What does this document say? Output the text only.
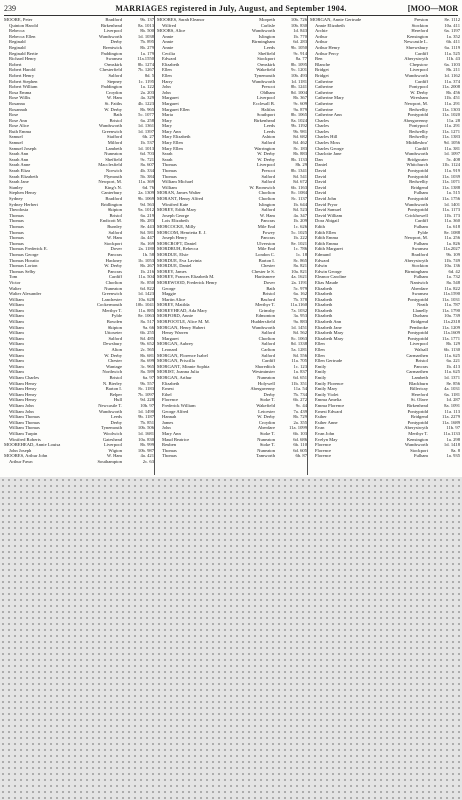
239	MARRIAGES registered in July, August, and September 1904.	[MOO—MOR
MOORE, Peter	Bradford	9b. 137
Quinton Harold	Birkenhead	8a. 1013
Rebecca	Liverpool	8b. 500
Rebecca Ellen	Wandsworth	1d. 1038
Reginald	Derby	7b. 895
Reginald	Brentwick	8b. 279
Reginald Bertie	Paddington	1a. 179
Richard Henry	Swansea	11a.1550
Robert	Ormskirk	8b. 1274
Robert Harold	Chesterfield	7b. 1267
Robert Henry	Salford	8d. 5
Robert Stephen	Stepney	1c. 1195
Robert William	Paddington	1a. 122
Rosa Emma	Croydon	2a. 203
Rose Willis	W. Ham	4a. 329
Rosanna	St. Faiths	4b. 1223
Rosannah	W. Derby	8b. 965
Rose	Bath	5c. 1077
Rose Ann	Bristol	6a. 258
Rose Alice	Wandsworth	1d. 1361
Ruth Emma	Greenwich	1d. 1397
Samuel	Stafford	6b. 27
Samuel	Milford	1b. 537
Samuel Joseph	Lambeth	1d. 1013
Sarah Ann	Nuneaton	6d. 703
Sarah Ann	Sheffield	9c. 721
Sarah Anne	Macclesfield	8a. 607
Sarah Eliza	Norwich	4b. 334
Sarah Elizabeth	Plymouth	5b. 384
Sarah Jane	Newport, M.	11a. 369
Stanley	King's N.	6d. 76
Stephen Henry	Canterbury	2a. 1309
Sydney	Bradford	9b. 1069
Sydney Herbert	Bridlington	9d. 563
Theodosia	Skipton	9a. 1012
Thomas	Bristol	6a. 219
Thomas	Endicott M.	8b. 283
Thomas	Burnley	8e. 443
Thomas	Salford	8d. 581
Thomas	W. Ham	4a. 447
Thomas	Stockport	8a. 169
Thomas Frederick E.	Dover	2a. 1180
Thomas George	Pancras	1b. 58
Thomas Horatio	Hackney	1b. 1053
Thomas Lorton	W. Derby	8b. 267
Thomas Selby	Pancras	1b. 216
Tom	Cardiff	11a. 504
Victor	Chorlton	8c. 850
Walter	Nuneaton	6d. 822
Walter Alexander	Greenwich	1d. 1423
William	Lanchester	10a. 628
William	Cockermouth	10b. 1041
William	Merthyr T.	11a. 885
William	Fylde	8e. 1063
William	Bowden	8a. 517
William	Skipton	9a. 66
William	Uttoxeter	6b. 255
William	Salford	8d. 485
William	Dewsbury	9b. 652
William	Alton	2c. 565
William	W. Derby	8b. 681
William	Chester	8a. 699
William	Wantage	3c. 965
William	Northwich	8a. 589
William Charles	Bristol	6a. 97
William Henry	N. Bierley	9b. 557
William Henry	Barton I.	8c. 1183
William Henry	Belper	7b. 1097
William Henry	Hull	9d. 228
William John	Newcastle T.	10b. 97
William John	Wandsworth	1d. 1490
William Thomas	Leeds	9b. 1187
William Thomas	Derby	7b. 851
William Thomas	Tynemouth	10b. 506
William Turpin	Woolwich	1d. 1681
Winifred Roberts	Gateshead	10a. 830
MOOREHEAD, Annie Louisa	Liverpool	8b. 999
John Joseph	Wigton	10b. 987
MOORES, Arthur John	W. Ham	4a. 421
Arthur Fawn	Southampton	2c. 63
MOORES, Sarah Eleanor	Morpeth	10b. 726
Wilfred	Carlisle	10b. 830
MOORS, Alice	Wandsworth	1d. 843
Annie	Islington	1b. 770
Annie	Birmingham	6d. 283
Annie	Leeds	9b. 1050
Cecilia	Sheffield	9c. 914
Edward	Stockport	8a. 77
Elizabeth	Ormskirk	8b. 1095
Ellen	Wakefield	9c. 1201
Ellen	Tynemouth	10b. 493
Harry	Wandsworth	1d. 1181
John	Prescot	8b. 1241
John	Oldham	8d. 1004
Margaret	Liverpool	8b. 367
Margaret	Ecclesall B.	9c. 609
Margaret Ellen	Halifax	9a. 879
Maria	Southport	8b. 1065
Mary	Birkenhead	8a. 1024
Mary	Leeds	9b. 1192
Mary Ann	Leeds	9b. 981
Mary Elizabeth	Ashton	8d. 682
Mary Ellen	Salford	8d. 462
Mary Ellen	Warrington	8c. 183
Sarah	W. Derby	8b. 883
Sarah	W. Derby	8b. 1133
Thomas	Liverpool	8b. 29
Thomas	Prescot	8b. 1341
Thomas	Salford	8d. 541
William Michael	Salford	8d. 672
William	W. Bromwich	6b. 1163
MORAN, James Walter	Chorlton	8c. 1084
MORANT, Henry Alfred	Chorlton	8c. 1137
Winifred Kate	Islington	1b. 644
MOREY, Edith Mary	Salford	8d. 523
Joseph George	W. Ham	4a. 347
Lois Elizabeth	Pancras	1b. 209
MORCOCKE, Milly	Mile End	1c. 626
MORCOM, Henrietta E. J.	Fowey	5c. 1025
Joseph Henry	Pancras	1b. 222
MORCROFT, Daniel	Ulverston	8e. 1021
MORDRUH, Rebecca	Mile End	1c. 786
MORDUE, Elsie	London C.	1c. 18
MORDUE, Eva Lavinia	Barton I.	8c. 865
MORDUE, Daniel	Chester	8a. 821
MOREY, James	Chester le S.	10a. 821
MOREY, Frances Elizabeth M.	Hartismere	4a. 1621
MOREWOOD, Frederick Henry	Dover	2a. 1191
George	Bath	5c. 979
Maggie	Bristol	6a. 162
Martin Alice	Basford	7b. 378
MOREY, Matilda	Merthyr T.	11a.1160
MOREYHEAD, Ada Mary	Grimsby	7a. 1032
MORFORD, Annie	Edmonton	3a. 953
MORFOOTLE, Alice M. M.	Huddersfield	9a. 883
MORGAN, Henry Hubert	Wandsworth	1d. 1451
Henry Warren	Salford	8d. 562
Margaret	Chorlton	8c. 1063
MORGAN, Aubrey	Salford	8d. 1338
Leonard	Carlton	5a. 1281
MORGAN, Florence Isabel	Salford	8d. 556
MORGAN, Priscilla	Cardiff	11a. 705
MORGANT, Minnie Sophia	Shoreditch	1c. 123
MORIST, Joanna Julia	Westminster	1a. 837
MORGAN, Arthur	Nuneaton	6d. 651
Elizabeth	Holywell	11b. 351
Ernest	Abergavenny	11a. 54
Ethel	Derby	7b. 734
Florence	Stoke T.	6b. 272
Frederick William	Wakefield	9c. 44
George Alfred	Leicester	7a. 439
Hannah	W. Derby	8b. 729
James	Croydon	2a. 355
John	Aberdare	11a. 1099
Mary Ann	Stoke T.	6b. 103
Maud Beatrice	Nuneaton	6d. 686
Reuben	Stoke T.	6b. 110
Thomas	Nuneaton	6d. 605
Thomas	Tamworth	6b. 87
MORGAN, Annie Gertrude	Preston	8e. 1112
Annie Elizabeth	Stockton	10a. 411
Archie	Hereford	6a. 1197
Arthur	Kensington	1a. 352
Arthur	Newcastle L.	6b. 411
Arthur Henry	Shrewsbury	6a. 1119
Arthur Percy	Cardiff	11a. 525
Ben	Aberystwyth	11b. 43
Blanche	Chepstow	6a. 1103
Bridget	Liverpool	8b. 211
Bridget	Wandsworth	1d. 1162
Catherine	Cardiff	11a. 374
Catherine	Pontypool	11a. 2008
Catherine	W. Derby	8b. 456
Catherine Mary	Wrexham	11b. 451
Catherine	Newport, M.	11a. 291
Catherine	Bedwellty	11a. 1303
Catherine Ann	Pontypridd	11a. 1020
Charles	Abergavenny	11a. 28
Charles	Pontypool	11a. 291
Charles	Bedwellty	11a. 1271
Charles Hill	Bedwellty	11a. 1383
Charles Moss	Middlesbro'	9d. 1056
Charles George	Cardiff	11a. 381
Charlotte Jane	Wandsworth	1d. 1097
Dan	Bridgwater	5c. 408
Daniel	Whitchurch	11b. 1124
David	Pontypridd	11a. 919
David	Pontypridd	11a. 1039
David	Bedwellty	11a. 1071
David	Bridgend	11a. 1388
David	Fulham	1a. 515
David John	Pontypridd	11a. 1756
David Pryor	Wandsworth	1d. 1401
David Samuel	Pontypridd	11a. 1173
David William	Crickhowell	11b. 173
Dora Abigail	Cardiff	11a. 360
Edith	Fulham	1a. 618
Edith Ellen	Fylde	8e. 1088
Edith Emma	Newport, M.	11a. 256
Edith Emma	Fulham	1a. 826
Edith Margaret	Swansea	11a.2027
Edmund	Bradford	9b. 109
Edward	Aberystwyth	11b. 749
Edwin	Stockton	10a. 136
Edwin George	Birmingham	6d. 42
Eleanor Caroline	Fulham	1a. 732
Elias Maude	Nantwich	8a. 548
Elizabeth	Aberdare	11a. 822
Elizabeth	Swansea	11a.1590
Elizabeth	Pontypridd	11a. 1031
Elizabeth	Neath	11a. 787
Elizabeth	Llanelly	11a. 1790
Elizabeth	Durham	10a. 739
Elizabeth Ann	Bridgend	11a.2318
Elizabeth Jane	Pembroke	11a. 1209
Elizabeth Mary	Pontypridd	11a.1609
Elizabeth Mary	Pontypridd	11a. 1771
Ellen	Liverpool	8b. 129
Ellen	Walsall	6b. 1130
Ellen	Carmarthen	11a. 625
Ellen Gertrude	Bristol	6a. 221
Emily	Pancras	1b. 413
Emily	Carmarthen	11a. 625
Emily	Lambeth	1d. 1371
Emily Florence	Blackburn	8e. 856
Emily Mary	Billericay	4a. 1031
Emily Violet	Hereford	6a. 1181
Emma Amelia	St. Olave	1d. 287
Emma Florence	Birkenhead	8a. 1091
Ernest Edward	Pontypridd	11a. 113
Esther	Bridgend	11a. 2279
Esther Anne	Pontypridd	11a. 1689
Evan	Aberystwyth	11b. 97
Evan John	Merthyr T.	11a.1133
Evelyn May	Kensington	1a. 298
Florence	Wandsworth	1d. 1418
Florence	Stockport	8a. 8
Florence	Fulham	1a. 935
